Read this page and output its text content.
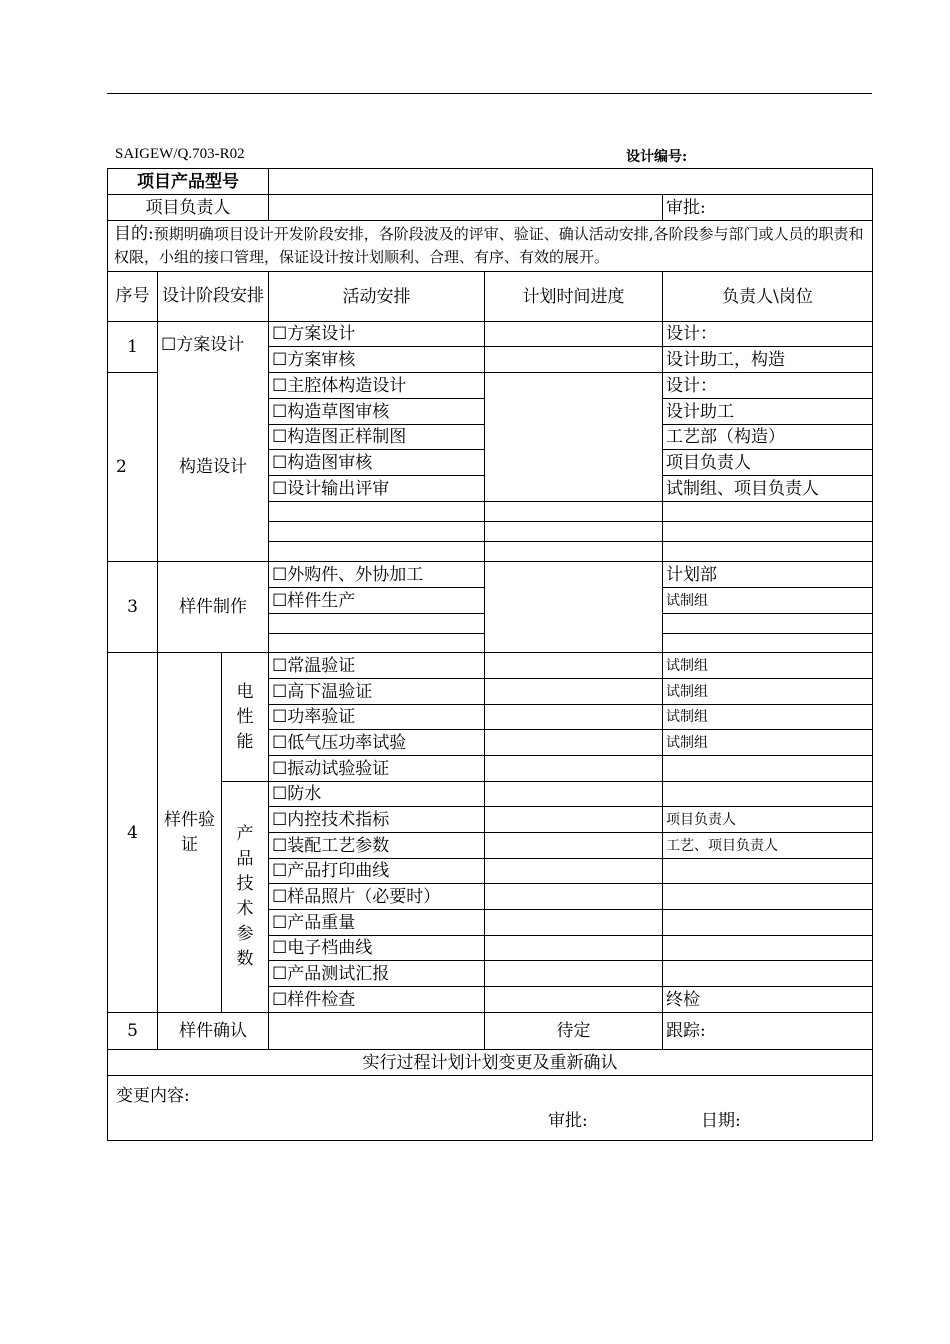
SAIGEW/Q.703-R02	设计编号:
项目产品型号					
项目负责人					审批:
目的:预期明确项目设计开发阶段安排，各阶段波及的评审、验证、确认活动安排,各阶段参与部门或人员的职责和权限，小组的接口管理，保证设计按计划顺利、合理、有序、有效的展开。					
序号	设计阶段安排		活动安排	计划时间进度	负责人\岗位
1	☐方案设计	☐ 方案设计		设计：
☐ 方案审核		设计助工，构造
2	构造设计	☐ 主腔体构造设计		设计：
☐ 构造草图审核		设计助工
☐ 构造图正样制图		工艺部（构造）
☐ 构造图审核		项目负责人
☐ 设计输出评审		试制组、项目负责人

3	样件制作	☐ 外购件、外协加工		计划部
☐ 样件生产		试制组

4	样件验证	电性能	☐ 常温验证		试制组
☐ 高下温验证		试制组
☐ 功率验证		试制组
☐ 低气压功率试验		试制组
☐ 振动试验验证		
		产品技术参数	☐ 防水		
☐ 内控技术指标		项目负责人
☐ 装配工艺参数		工艺、项目负责人
☐ 产品打印曲线		
☐ 样品照片（必要时）		
☐ 产品重量		
☐ 电子档曲线		
☐ 产品测试汇报		
☐ 样件检查		终检
5	样件确认			待定	跟踪:
实行过程计划计划变更及重新确认					

变更内容:
审批: 日期:					
